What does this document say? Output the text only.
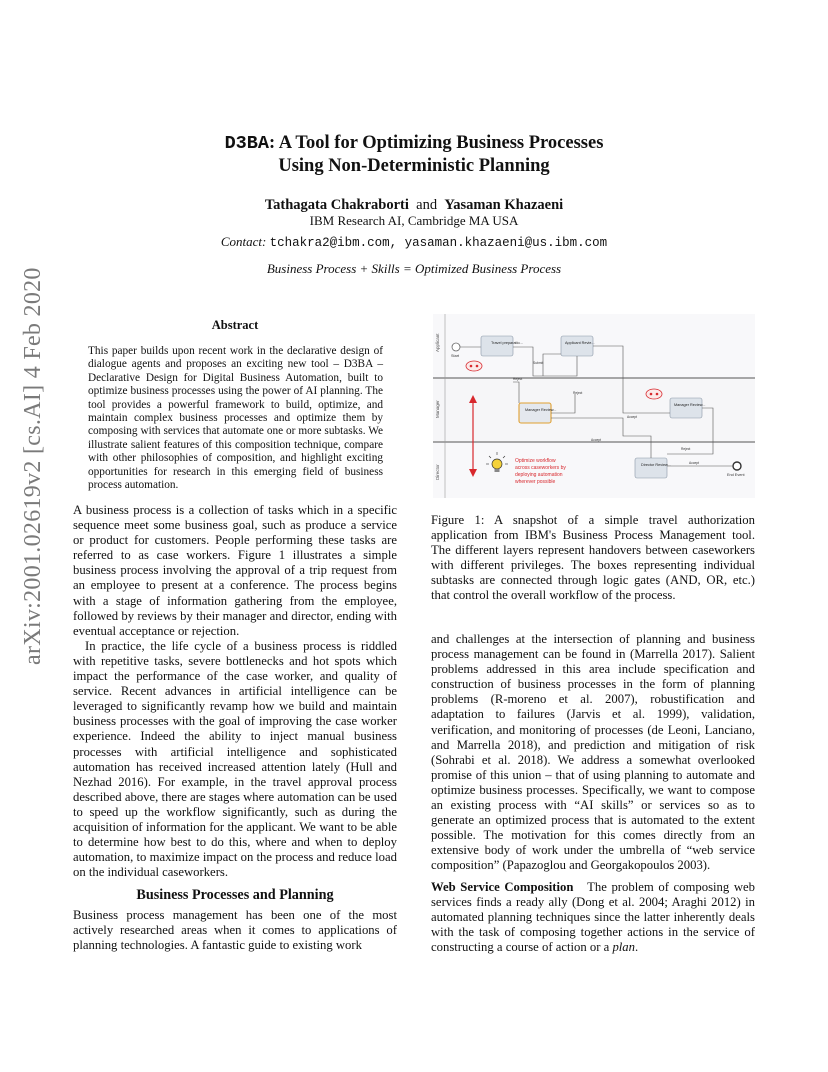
D3BA: A Tool for Optimizing Business Processes
Using Non-Deterministic Planning
Tathagata Chakraborti and Yasaman Khazaeni
IBM Research AI, Cambridge MA USA
Contact: tchakra2@ibm.com, yasaman.khazaeni@us.ibm.com
Business Process + Skills = Optimized Business Process
arXiv:2001.02619v2 [cs.AI] 4 Feb 2020	Abstract
This paper builds upon recent work in the declarative design of dialogue agents and proposes an exciting new tool – D3BA – Declarative Design for Digital Business Automation, built to optimize business processes using the power of AI planning. The tool provides a powerful framework to build, optimize, and maintain complex business processes and optimize them by composing with services that automate one or more subtasks. We illustrate salient features of this composition technique, compare with other philosophies of composition, and highlight exciting opportunities for research in this emerging field of business process automation.

A business process is a collection of tasks which in a specific sequence meet some business goal, such as produce a service or product for customers. People performing these tasks are referred to as case workers. Figure 1 illustrates a simple business process involving the approval of a trip request from an employee to present at a conference. The process begins with a stage of information gathering from the employee, followed by reviews by their manager and director, ending with eventual acceptance or rejection.

In practice, the life cycle of a business process is riddled with repetitive tasks, severe bottlenecks and hot spots which impact the performance of the case worker, and quality of service. Recent advances in artificial intelligence can be leveraged to significantly revamp how we build and maintain business processes with the goal of improving the case worker experience. Indeed the ability to inject manual business processes with artificial intelligence and sophisticated automation has received increased attention lately (Hull and Nezhad 2016). For example, in the travel approval process described above, there are stages where automation can be used to speed up the workflow significantly, such as during the acquisition of information for the applicant. We want to be able to determine how best to do this, where and when to deploy automation, to maximize impact on the process and reduce load on the individual caseworkers.

Business Processes and Planning
Business process management has been one of the most actively researched areas when it comes to applications of planning technologies. A fantastic guide to existing work
Applicant
Manager
Director
Start
Travel preparatio...	Applicant Revie...
Manager Review...
Manager Review...
Director Review...
End Event
Submit
Reject
Reject
Accept
Accept
Reject
Accept
Optimize workflow
across caseworkers by
deploying automation
wherever possible
Figure 1: A snapshot of a simple travel authorization application from IBM's Business Process Management tool. The different layers represent handovers between caseworkers with different privileges. The boxes representing individual subtasks are connected through logic gates (AND, OR, etc.) that control the overall workflow of the process.
and challenges at the intersection of planning and business process management can be found in (Marrella 2017). Salient problems addressed in this area include specification and construction of business processes in the form of planning problems (R-moreno et al. 2007), robustification and adaptation to failures (Jarvis et al. 1999), validation, verification, and monitoring of processes (de Leoni, Lanciano, and Marrella 2018), and prediction and mitigation of risk (Sohrabi et al. 2018). We address a somewhat overlooked promise of this union – that of using planning to automate and optimize business processes. Specifically, we want to compose an existing process with “AI skills” or services so as to generate an optimized process that is automated to the extent possible. The motivation for this comes directly from an extensive body of work under the umbrella of “web service composition” (Papazoglou and Georgakopoulos 2003).
Web Service Composition The problem of composing web services finds a ready ally (Dong et al. 2004; Araghi 2012) in automated planning techniques since the latter inherently deals with the task of composing together actions in the service of constructing a course of action or a plan.
